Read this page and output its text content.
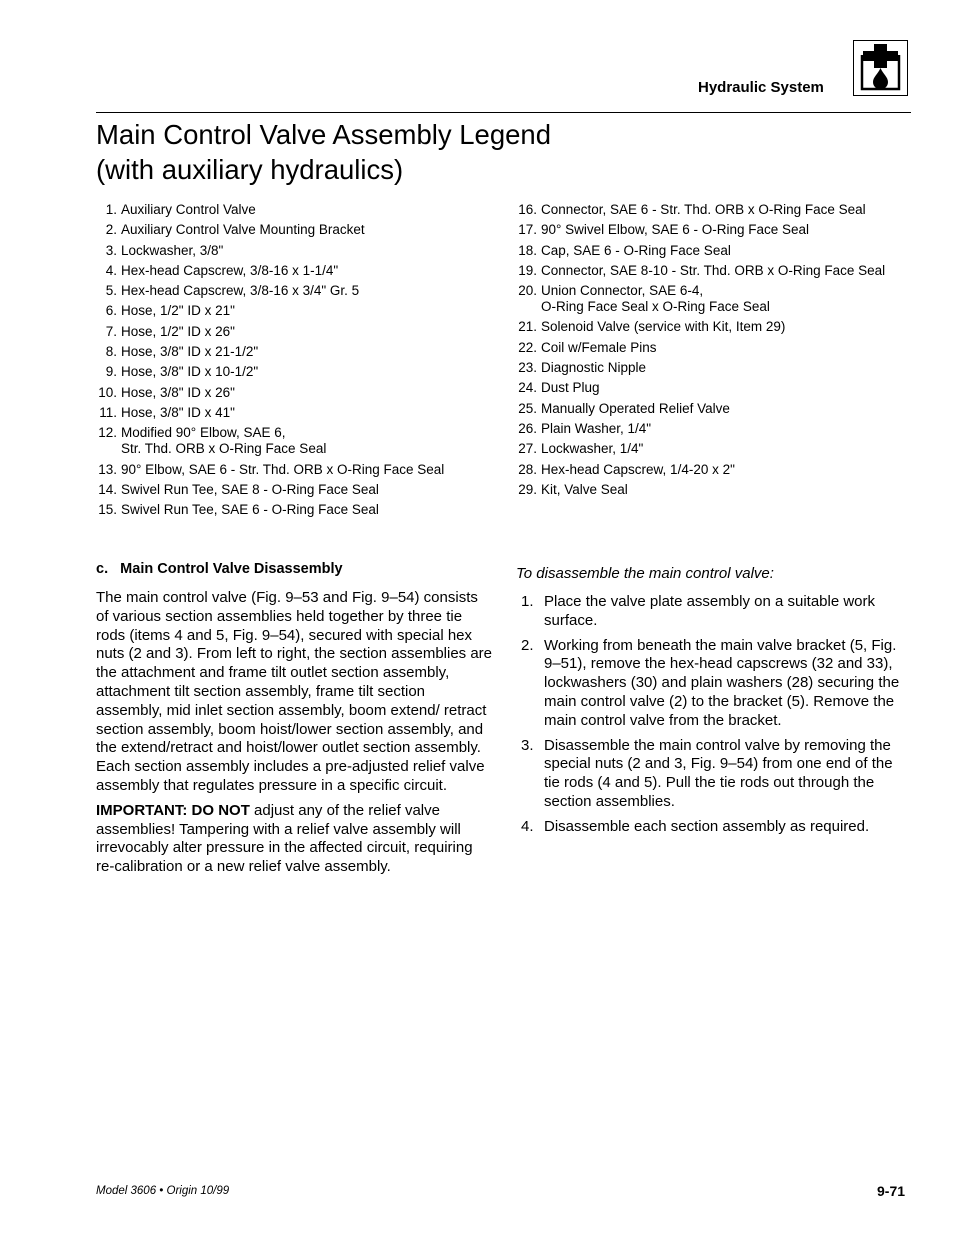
Hydraulic System
Main Control Valve Assembly Legend
(with auxiliary hydraulics)
1. Auxiliary Control Valve
2. Auxiliary Control Valve Mounting Bracket
3. Lockwasher, 3/8"
4. Hex-head Capscrew, 3/8-16 x 1-1/4"
5. Hex-head Capscrew, 3/8-16 x 3/4" Gr. 5
6. Hose, 1/2" ID x 21"
7. Hose, 1/2" ID x 26"
8. Hose, 3/8" ID x 21-1/2"
9. Hose, 3/8" ID x 10-1/2"
10. Hose, 3/8" ID x 26"
11. Hose, 3/8" ID x 41"
12. Modified 90° Elbow, SAE 6,
Str. Thd. ORB x O-Ring Face Seal
13. 90° Elbow, SAE 6 - Str. Thd. ORB x O-Ring Face Seal
14. Swivel Run Tee, SAE 8 - O-Ring Face Seal
15. Swivel Run Tee, SAE 6 - O-Ring Face Seal
16. Connector, SAE 6 - Str. Thd. ORB x O-Ring Face Seal
17. 90° Swivel Elbow, SAE 6 - O-Ring Face Seal
18. Cap, SAE 6 - O-Ring Face Seal
19. Connector, SAE 8-10 - Str. Thd. ORB x O-Ring Face Seal
20. Union Connector, SAE 6-4,
O-Ring Face Seal x O-Ring Face Seal
21. Solenoid Valve (service with Kit, Item 29)
22. Coil w/Female Pins
23. Diagnostic Nipple
24. Dust Plug
25. Manually Operated Relief Valve
26. Plain Washer, 1/4"
27. Lockwasher, 1/4"
28. Hex-head Capscrew, 1/4-20 x 2"
29. Kit, Valve Seal
c.   Main Control Valve Disassembly

The main control valve (Fig. 9–53 and Fig. 9–54) consists of various section assemblies held together by three tie rods (items 4 and 5, Fig. 9–54), secured with special hex nuts (2 and 3). From left to right, the section assemblies are the attachment and frame tilt outlet section assembly, attachment tilt section assembly, frame tilt section assembly, mid inlet section assembly, boom extend/ retract section assembly, boom hoist/lower section assembly, and the extend/retract and hoist/lower outlet section assembly. Each section assembly includes a pre-adjusted relief valve assembly that regulates pressure in a specific circuit.

IMPORTANT: DO NOT adjust any of the relief valve assemblies! Tampering with a relief valve assembly will irrevocably alter pressure in the affected circuit, requiring re-calibration or a new relief valve assembly.

To disassemble the main control valve:
1. Place the valve plate assembly on a suitable work surface.
2. Working from beneath the main valve bracket (5, Fig. 9–51), remove the hex-head capscrews (32 and 33), lockwashers (30) and plain washers (28) securing the main control valve (2) to the bracket (5). Remove the main control valve from the bracket.
3. Disassemble the main control valve by removing the special nuts (2 and 3, Fig. 9–54) from one end of the tie rods (4 and 5). Pull the tie rods out through the section assemblies.
4. Disassemble each section assembly as required.
Model 3606 • Origin 10/99	9-71
